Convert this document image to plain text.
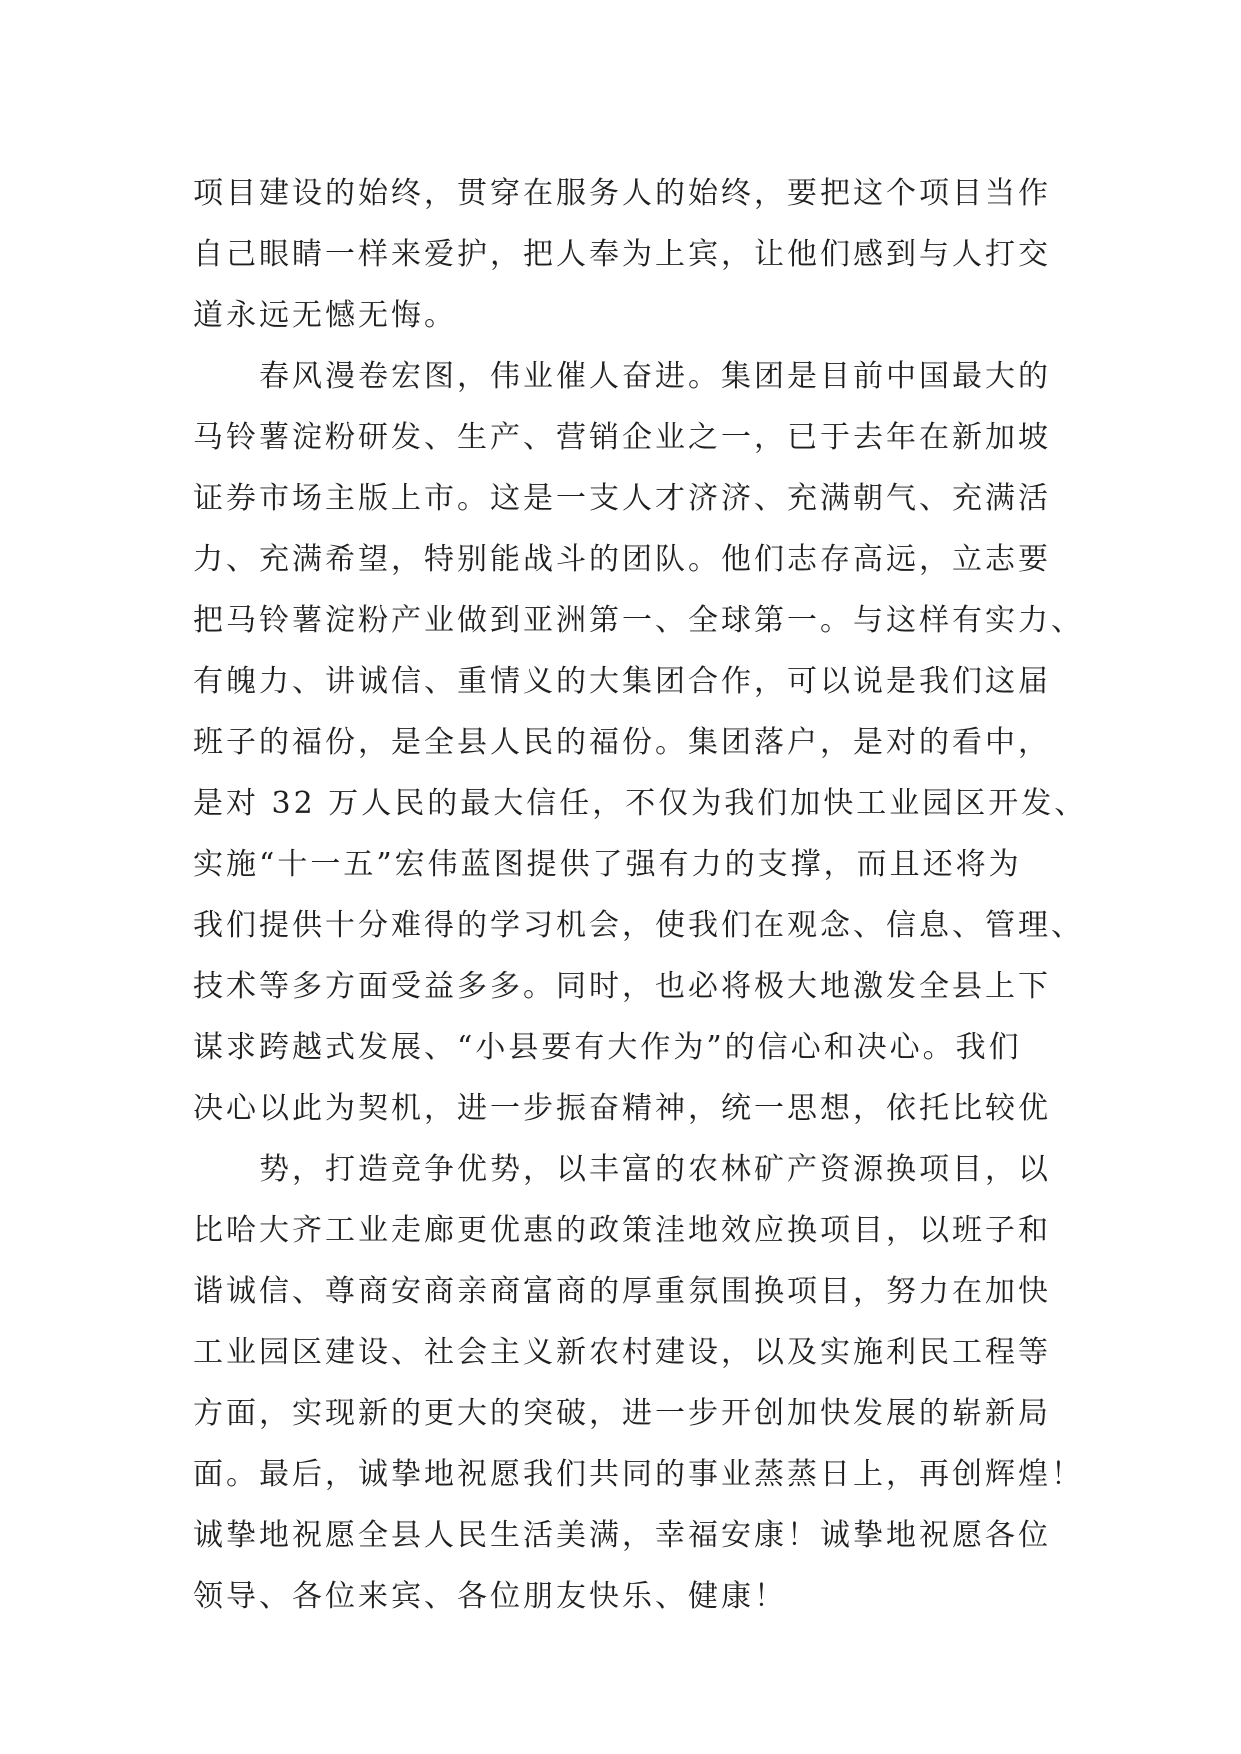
项目建设的始终，贯穿在服务人的始终，要把这个项目当作
自己眼睛一样来爱护，把人奉为上宾，让他们感到与人打交
道永远无憾无悔。
春风漫卷宏图，伟业催人奋进。集团是目前中国最大的
马铃薯淀粉研发、生产、营销企业之一，已于去年在新加坡
证券市场主版上市。这是一支人才济济、充满朝气、充满活
力、充满希望，特别能战斗的团队。他们志存高远，立志要
把马铃薯淀粉产业做到亚洲第一、全球第一。与这样有实力、
有魄力、讲诚信、重情义的大集团合作，可以说是我们这届
班子的福份，是全县人民的福份。集团落户，是对的看中，
是对 32 万人民的最大信任，不仅为我们加快工业园区开发、
实施“十一五”宏伟蓝图提供了强有力的支撑，而且还将为
我们提供十分难得的学习机会，使我们在观念、信息、管理、
技术等多方面受益多多。同时，也必将极大地激发全县上下
谋求跨越式发展、“小县要有大作为”的信心和决心。我们
决心以此为契机，进一步振奋精神，统一思想，依托比较优
势，打造竞争优势，以丰富的农林矿产资源换项目，以
比哈大齐工业走廊更优惠的政策洼地效应换项目，以班子和
谐诚信、尊商安商亲商富商的厚重氛围换项目，努力在加快
工业园区建设、社会主义新农村建设，以及实施利民工程等
方面，实现新的更大的突破，进一步开创加快发展的崭新局
面。最后，诚挚地祝愿我们共同的事业蒸蒸日上，再创辉煌！
诚挚地祝愿全县人民生活美满，幸福安康！诚挚地祝愿各位
领导、各位来宾、各位朋友快乐、健康！
